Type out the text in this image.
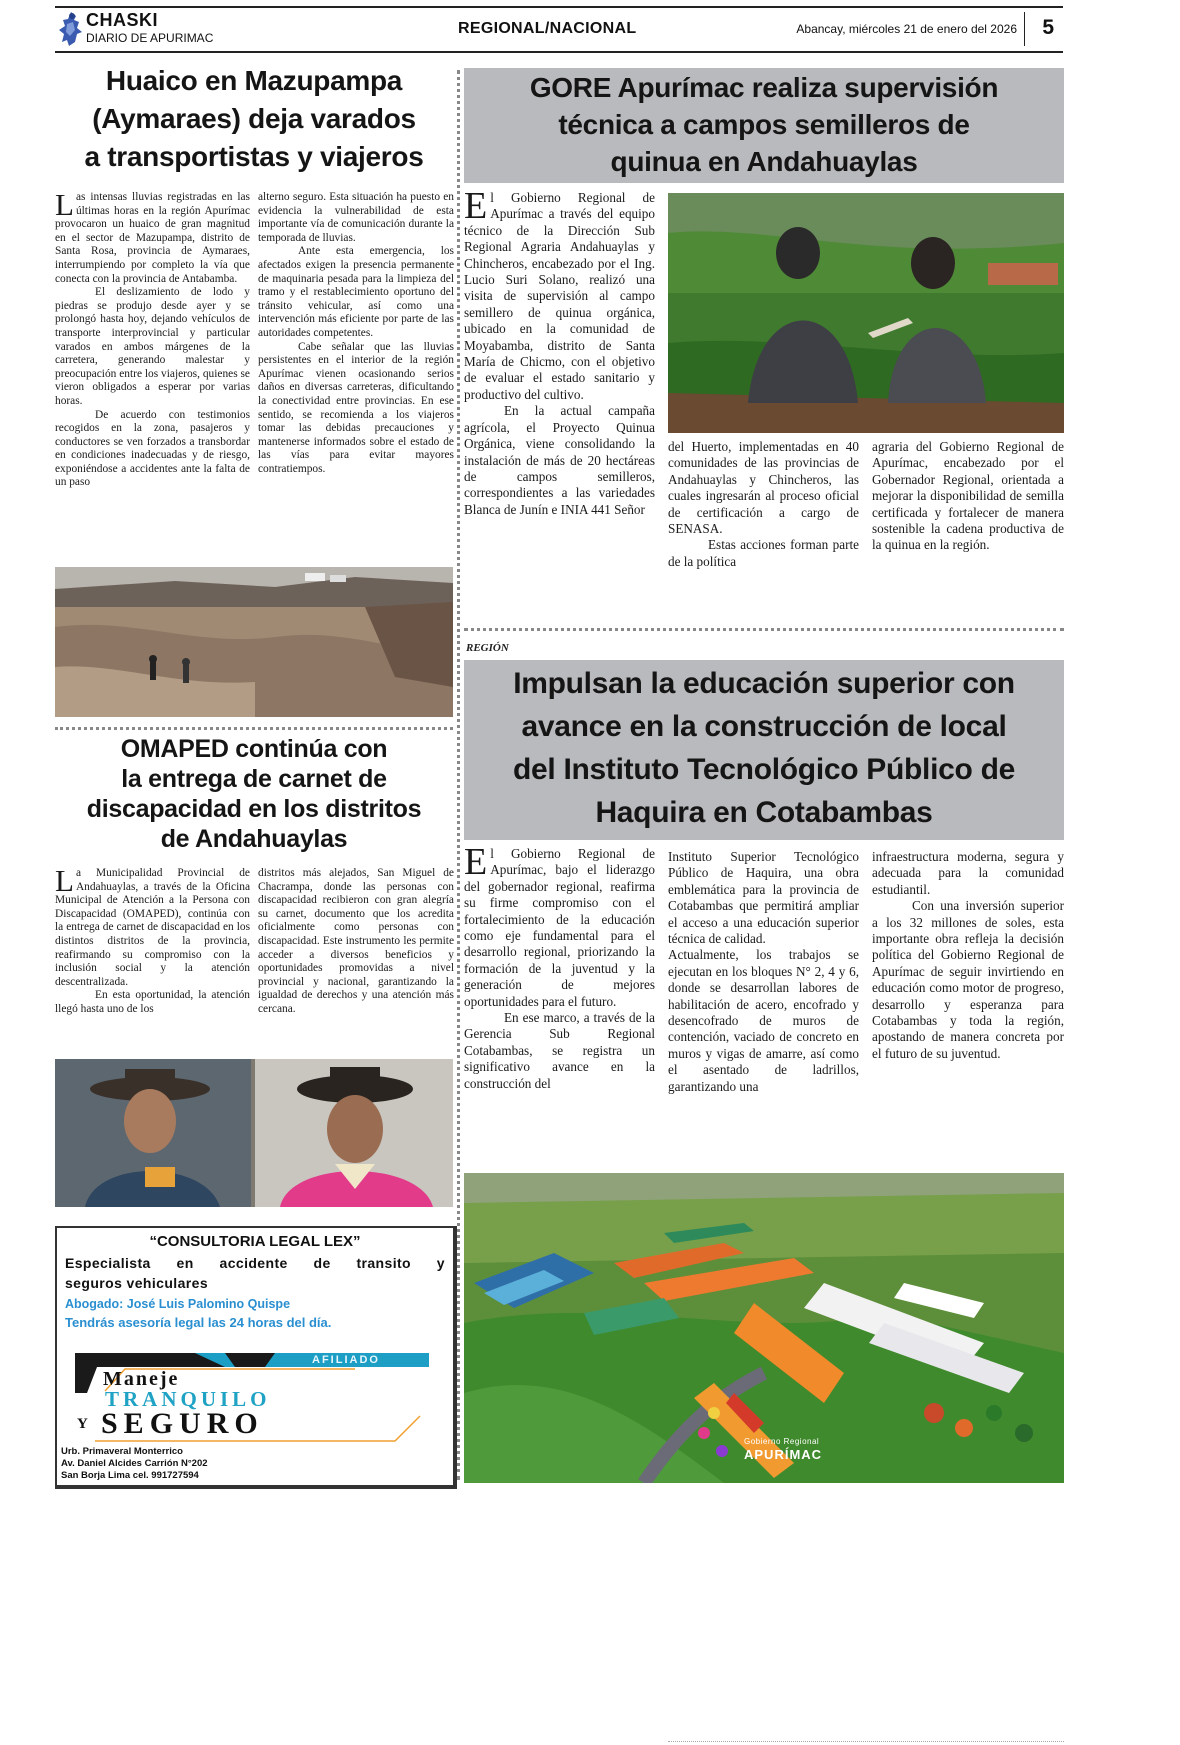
CHASKI
DIARIO DE APURIMAC
REGIONAL/NACIONAL	Abancay, miércoles 21 de enero del 2026 5
Huaico en Mazupampa
(Aymaraes) deja varados
a transportistas y viajeros

Las intensas lluvias registradas en las últimas horas en la región Apurímac provocaron un huaico de gran magnitud en el sector de Mazupampa, distrito de Santa Rosa, provincia de Aymaraes, interrumpiendo por completo la vía que conecta con la provincia de Antabamba.

El deslizamiento de lodo y piedras se produjo desde ayer y se prolongó hasta hoy, dejando vehículos de transporte interprovincial y particular varados en ambos márgenes de la carretera, generando malestar y preocupación entre los viajeros, quienes se vieron obligados a esperar por varias horas.

De acuerdo con testimonios recogidos en la zona, pasajeros y conductores se ven forzados a transbordar en condiciones inadecuadas y de riesgo, exponiéndose a accidentes ante la falta de un paso

alterno seguro. Esta situación ha puesto en evidencia la vulnerabilidad de esta importante vía de comunicación durante la temporada de lluvias.

Ante esta emergencia, los afectados exigen la presencia permanente de maquinaria pesada para la limpieza del tramo y el restablecimiento oportuno del tránsito vehicular, así como una intervención más eficiente por parte de las autoridades competentes.

Cabe señalar que las lluvias persistentes en el interior de la región Apurímac vienen ocasionando serios daños en diversas carreteras, dificultando la conectividad entre provincias. En ese sentido, se recomienda a los viajeros tomar las debidas precauciones y mantenerse informados sobre el estado de las vías para evitar mayores contratiempos.

OMAPED continúa con
la entrega de carnet de
discapacidad en los distritos
de Andahuaylas

La Municipalidad Provincial de Andahuaylas, a través de la Oficina Municipal de Atención a la Persona con Discapacidad (OMAPED), continúa con la entrega de carnet de discapacidad en los distintos distritos de la provincia, reafirmando su compromiso con la inclusión social y la atención descentralizada.

En esta oportunidad, la atención llegó hasta uno de los

distritos más alejados, San Miguel de Chacrampa, donde las personas con discapacidad recibieron con gran alegría su carnet, documento que los acredita oficialmente como personas con discapacidad. Este instrumento les permite acceder a diversos beneficios y oportunidades promovidas a nivel provincial y nacional, garantizando la igualdad de derechos y una atención más cercana.

“CONSULTORIA LEGAL LEX”
Especialista en accidente de transito y
seguros vehiculares
Abogado: José Luis Palomino Quispe
Tendrás asesoría legal las 24 horas del día.
AFILIADO
Maneje
TRANQUILO
Y SEGURO
Urb. Primaveral Monterrico
Av. Daniel Alcides Carrión N°202
San Borja Lima cel. 991727594
GORE Apurímac realiza supervisión
técnica a campos semilleros de
quinua en Andahuaylas

El Gobierno Regional de Apurímac a través del equipo técnico de la Dirección Sub Regional Agraria Andahuaylas y Chincheros, encabezado por el Ing. Lucio Suri Solano, realizó una visita de supervisión al campo semillero de quinua orgánica, ubicado en la comunidad de Moyabamba, distrito de Santa María de Chicmo, con el objetivo de evaluar el estado sanitario y productivo del cultivo.

En la actual campaña agrícola, el Proyecto Quinua Orgánica, viene consolidando la instalación de más de 20 hectáreas de campos semilleros, correspondientes a las variedades Blanca de Junín e INIA 441 Señor

del Huerto, implementadas en 40 comunidades de las provincias de Andahuaylas y Chincheros, las cuales ingresarán al proceso oficial de certificación a cargo de SENASA.

Estas acciones forman parte de la política

agraria del Gobierno Regional de Apurímac, encabezado por el Gobernador Regional, orientada a mejorar la disponibilidad de semilla certificada y fortalecer de manera sostenible la cadena productiva de la quinua en la región.

REGIÓN
Impulsan la educación superior con
avance en la construcción de local
del Instituto Tecnológico Público de
Haquira en Cotabambas

El Gobierno Regional de Apurímac, bajo el liderazgo del gobernador regional, reafirma su firme compromiso con el fortalecimiento de la educación como eje fundamental para el desarrollo regional, priorizando la formación de la juventud y la generación de mejores oportunidades para el futuro.

En ese marco, a través de la Gerencia Sub Regional Cotabambas, se registra un significativo avance en la construcción del

Instituto Superior Tecnológico Público de Haquira, una obra emblemática para la provincia de Cotabambas que permitirá ampliar el acceso a una educación superior técnica de calidad.

Actualmente, los trabajos se ejecutan en los bloques N° 2, 4 y 6, donde se desarrollan labores de habilitación de acero, encofrado y desencofrado de muros de contención, vaciado de concreto en muros y vigas de amarre, así como el asentado de ladrillos, garantizando una

infraestructura moderna, segura y adecuada para la comunidad estudiantil.

Con una inversión superior a los 32 millones de soles, esta importante obra refleja la decisión política del Gobierno Regional de Apurímac de seguir invirtiendo en educación como motor de progreso, desarrollo y esperanza para Cotabambas y toda la región, apostando de manera concreta por el futuro de su juventud.

Gobierno Regional
APURÍMAC
